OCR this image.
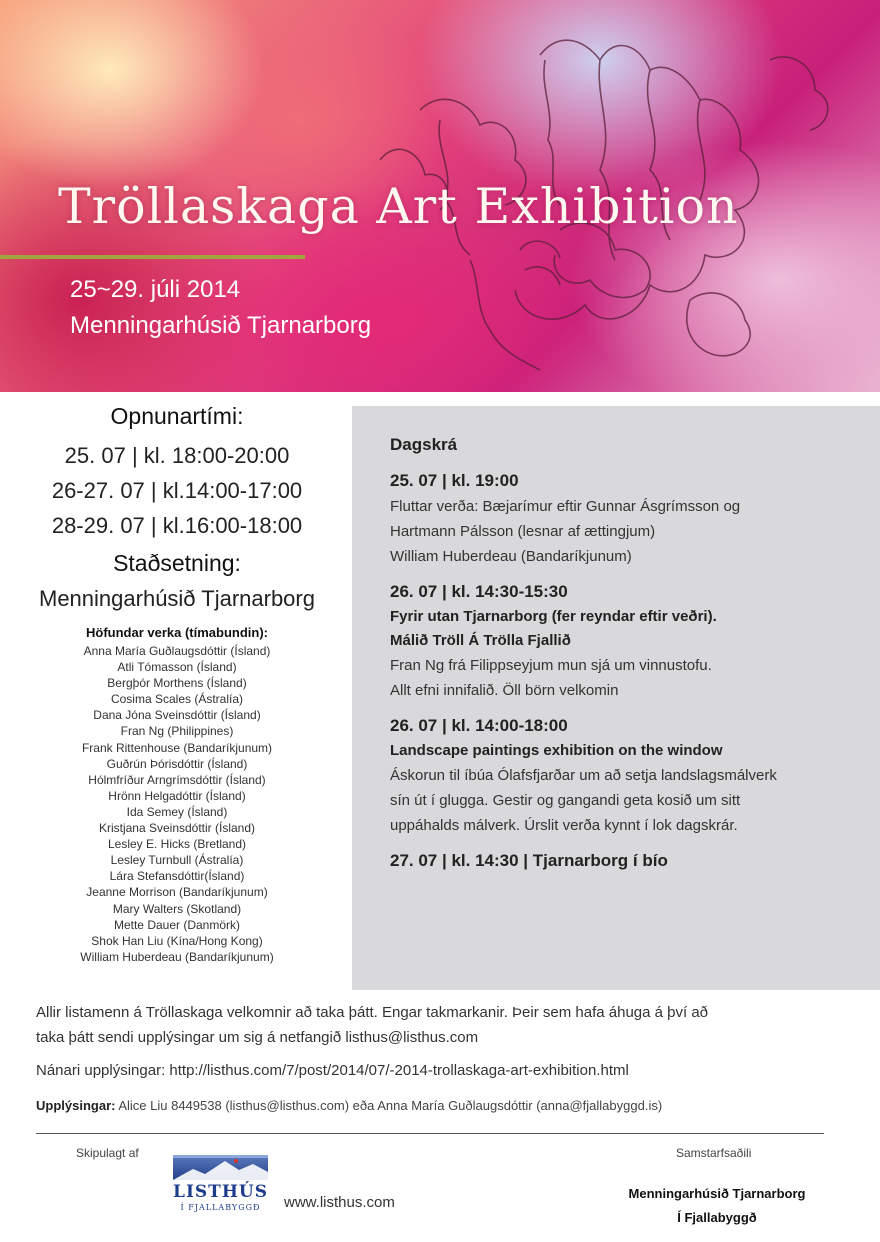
Tröllaskaga Art Exhibition
25~29. júli 2014
Menningarhúsið Tjarnarborg
Opnunartími:
25. 07 | kl. 18:00-20:00
26-27. 07 | kl.14:00-17:00
28-29. 07 | kl.16:00-18:00
Staðsetning:
Menningarhúsið Tjarnarborg
Höfundar verka (tímabundin):
Anna María Guðlaugsdóttir (Ísland)
Atli Tómasson (Ísland)
Bergþór Morthens (Ísland)
Cosima Scales (Ástralía)
Dana Jóna Sveinsdóttir (Ísland)
Fran Ng (Philippines)
Frank Rittenhouse (Bandaríkjunum)
Guðrún Þórisdóttir (Ísland)
Hólmfríður Arngrímsdóttir (Ísland)
Hrönn Helgadóttir (Ísland)
Ida Semey (Ísland)
Kristjana Sveinsdóttir (Ísland)
Lesley E. Hicks (Bretland)
Lesley Turnbull (Ástralía)
Lára Stefansdóttir(Ísland)
Jeanne Morrison (Bandaríkjunum)
Mary Walters (Skotland)
Mette Dauer (Danmörk)
Shok Han Liu (Kína/Hong Kong)
William Huberdeau (Bandaríkjunum)
Dagskrá
25. 07 | kl. 19:00
Fluttar verða: Bæjarímur eftir Gunnar Ásgrímsson og
Hartmann Pálsson (lesnar af ættingjum)
William Huberdeau (Bandaríkjunum)
26. 07 | kl. 14:30-15:30
Fyrir utan Tjarnarborg (fer reyndar eftir veðri).
Málið Tröll Á Trölla Fjallið
Fran Ng frá Filippseyjum mun sjá um vinnustofu.
Allt efni innifalið. Öll börn velkomin
26. 07 | kl. 14:00-18:00
Landscape paintings exhibition on the window
Áskorun til íbúa Ólafsfjarðar um að setja landslagsmálverk
sín út í glugga. Gestir og gangandi geta kosið um sitt
uppáhalds málverk. Úrslit verða kynnt í lok dagskrár.
27. 07 | kl. 14:30 | Tjarnarborg í bío

Allir listamenn á Tröllaskaga velkomnir að taka þátt. Engar takmarkanir. Þeir sem hafa áhuga á því að

taka þátt sendi upplýsingar um sig á netfangið listhus@listhus.com

Nánari upplýsingar: http://listhus.com/7/post/2014/07/-2014-trollaskaga-art-exhibition.html

Upplýsingar: Alice Liu 8449538 (listhus@listhus.com) eða Anna María Guðlaugsdóttir (anna@fjallabyggd.is)

Skipulagt af
LISTHÚS
Í FJALLABYGGÐ	www.listhus.com
Samstarfsaðili
Menningarhúsið Tjarnarborg
Í Fjallabyggð
